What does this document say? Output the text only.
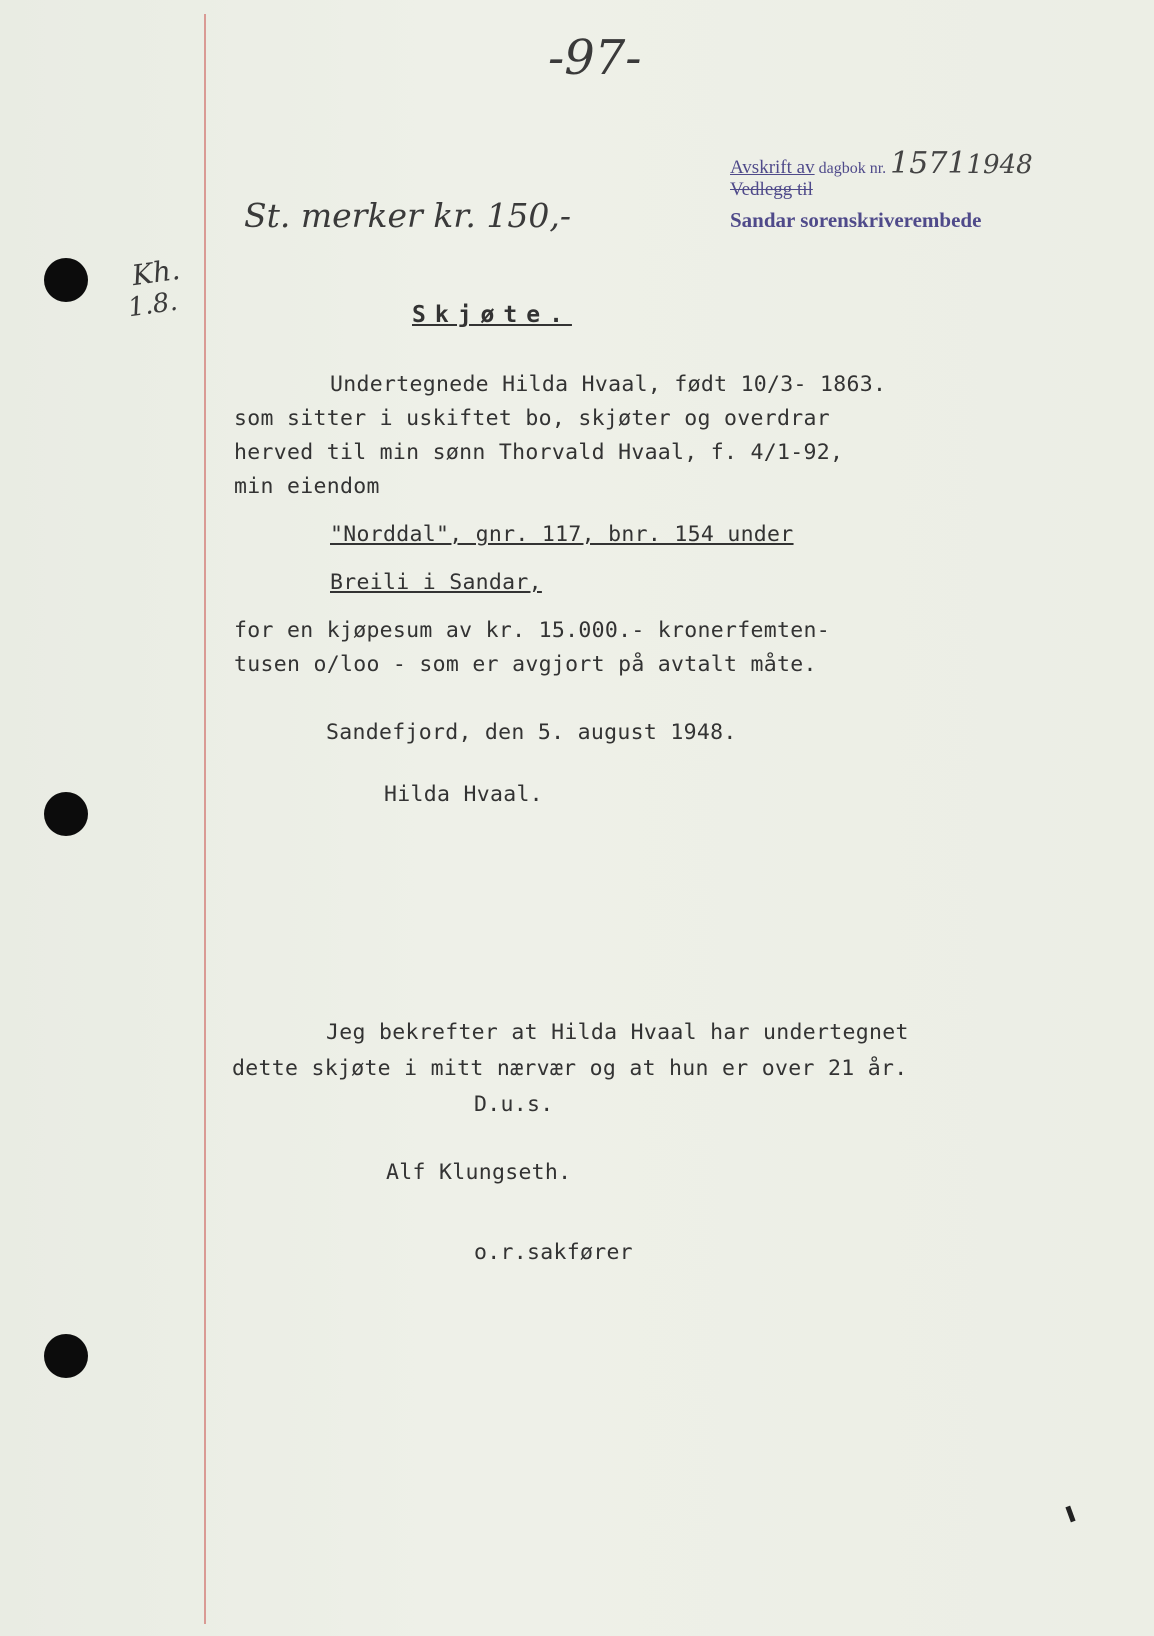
-97-
Avskrift av dagbok nr. 15711948
Vedlegg til
Sandar sorenskriverembede
St. merker kr. 150,-
Kh.
1.8.	Skjøte.
Undertegnede Hilda Hvaal, født 10/3- 1863.
som sitter i uskiftet bo, skjøter og overdrar
herved til min sønn Thorvald Hvaal, f. 4/1-92,
min eiendom
"Norddal", gnr. 117, bnr. 154 under
Breili i Sandar,
for en kjøpesum av kr. 15.000.- kronerfemten-
tusen o/loo - som er avgjort på avtalt måte.
Sandefjord, den 5. august 1948.
Hilda Hvaal.
Jeg bekrefter at Hilda Hvaal har undertegnet
dette skjøte i mitt nærvær og at hun er over 21 år.
D.u.s.
Alf Klungseth.
o.r.sakfører
